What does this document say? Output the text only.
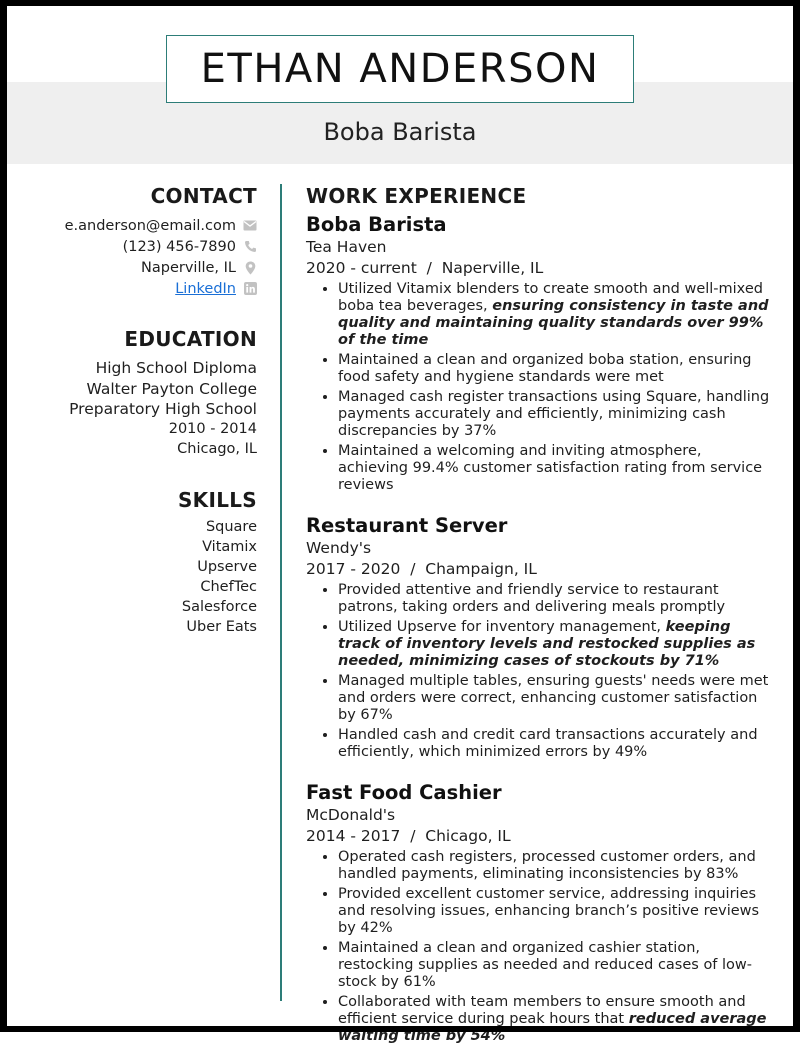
ETHAN ANDERSON
Boba Barista
CONTACT
e.anderson@email.com
(123) 456-7890
Naperville, IL
LinkedIn
EDUCATION
High School Diploma
Walter Payton College
Preparatory High School
2010 - 2014
Chicago, IL
SKILLS
Square
Vitamix
Upserve
ChefTec
Salesforce
Uber Eats
WORK EXPERIENCE
Boba Barista
Tea Haven
2020 - current  /  Naperville, IL
• Utilized Vitamix blenders to create smooth and well-mixed boba tea beverages, ensuring consistency in taste and quality and maintaining quality standards over 99% of the time
• Maintained a clean and organized boba station, ensuring food safety and hygiene standards were met
• Managed cash register transactions using Square, handling payments accurately and efficiently, minimizing cash discrepancies by 37%
• Maintained a welcoming and inviting atmosphere, achieving 99.4% customer satisfaction rating from service reviews
Restaurant Server
Wendy's
2017 - 2020  /  Champaign, IL
• Provided attentive and friendly service to restaurant patrons, taking orders and delivering meals promptly
• Utilized Upserve for inventory management, keeping track of inventory levels and restocked supplies as needed, minimizing cases of stockouts by 71%
• Managed multiple tables, ensuring guests' needs were met and orders were correct, enhancing customer satisfaction by 67%
• Handled cash and credit card transactions accurately and efficiently, which minimized errors by 49%
Fast Food Cashier
McDonald's
2014 - 2017  /  Chicago, IL
• Operated cash registers, processed customer orders, and handled payments, eliminating inconsistencies by 83%
• Provided excellent customer service, addressing inquiries and resolving issues, enhancing branch’s positive reviews by 42%
• Maintained a clean and organized cashier station, restocking supplies as needed and reduced cases of low-stock by 61%
• Collaborated with team members to ensure smooth and efficient service during peak hours that reduced average waiting time by 54%
